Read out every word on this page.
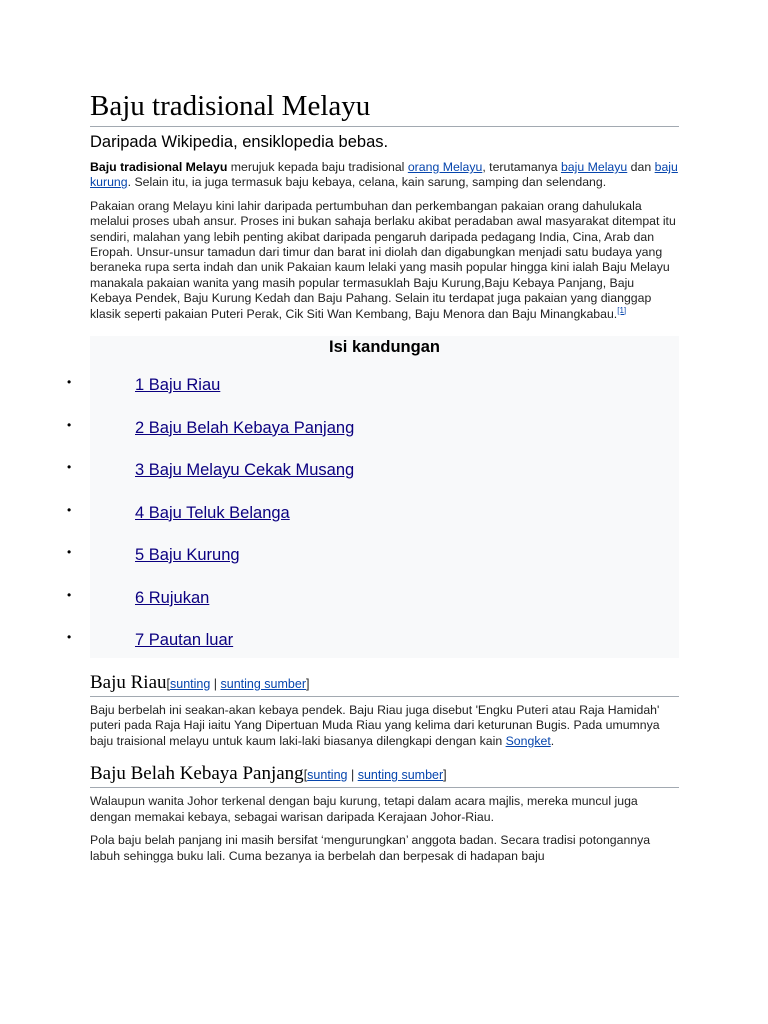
Baju tradisional Melayu
Daripada Wikipedia, ensiklopedia bebas.

Baju tradisional Melayu merujuk kepada baju tradisional orang Melayu, terutamanya baju Melayu dan baju kurung. Selain itu, ia juga termasuk baju kebaya, celana, kain sarung, samping dan selendang.

Pakaian orang Melayu kini lahir daripada pertumbuhan dan perkembangan pakaian orang dahulukala melalui proses ubah ansur. Proses ini bukan sahaja berlaku akibat peradaban awal masyarakat ditempat itu sendiri, malahan yang lebih penting akibat daripada pengaruh daripada pedagang India, Cina, Arab dan Eropah. Unsur-unsur tamadun dari timur dan barat ini diolah dan digabungkan menjadi satu budaya yang beraneka rupa serta indah dan unik Pakaian kaum lelaki yang masih popular hingga kini ialah Baju Melayu manakala pakaian wanita yang masih popular termasuklah Baju Kurung,Baju Kebaya Panjang, Baju Kebaya Pendek, Baju Kurung Kedah dan Baju Pahang. Selain itu terdapat juga pakaian yang dianggap klasik seperti pakaian Puteri Perak, Cik Siti Wan Kembang, Baju Menora dan Baju Minangkabau.[1]

Isi kandungan
•	1 Baju Riau
•	2 Baju Belah Kebaya Panjang
•	3 Baju Melayu Cekak Musang
•	4 Baju Teluk Belanga
•	5 Baju Kurung
•	6 Rujukan
•	7 Pautan luar
Baju Riau[sunting | sunting sumber]

Baju berbelah ini seakan-akan kebaya pendek. Baju Riau juga disebut 'Engku Puteri atau Raja Hamidah' puteri pada Raja Haji iaitu Yang Dipertuan Muda Riau yang kelima dari keturunan Bugis. Pada umumnya baju traisional melayu untuk kaum laki-laki biasanya dilengkapi dengan kain Songket.

Baju Belah Kebaya Panjang[sunting | sunting sumber]

Walaupun wanita Johor terkenal dengan baju kurung, tetapi dalam acara majlis, mereka muncul juga dengan memakai kebaya, sebagai warisan daripada Kerajaan Johor-Riau.

Pola baju belah panjang ini masih bersifat ‘mengurungkan’ anggota badan. Secara tradisi potongannya labuh sehingga buku lali. Cuma bezanya ia berbelah dan berpesak di hadapan baju
